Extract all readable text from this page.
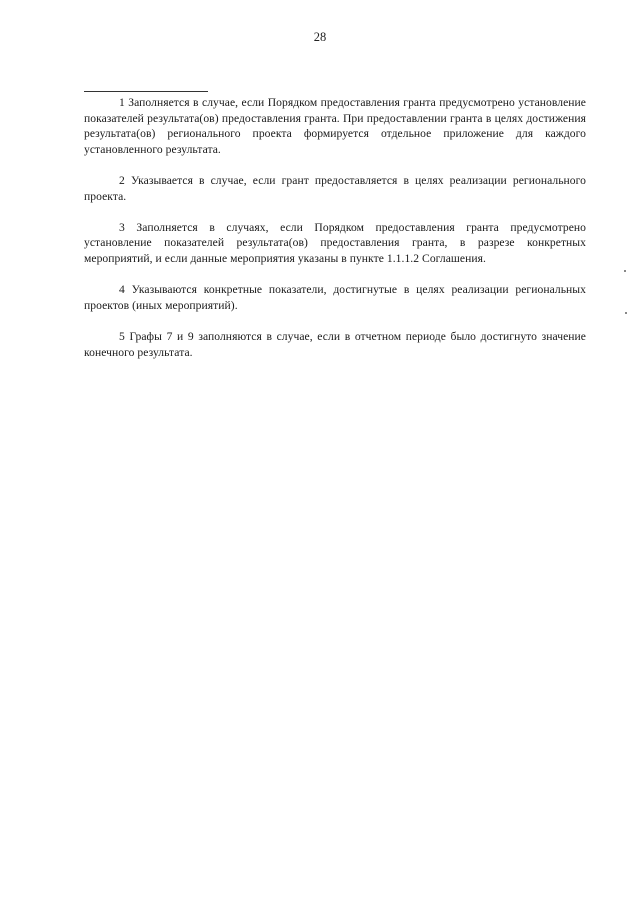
28

1 Заполняется в случае, если Порядком предоставления гранта предусмотрено установление показателей результата(ов) предоставления гранта. При предоставлении гранта в целях достижения результата(ов) регионального проекта формируется отдельное приложение для каждого установленного результата.

2 Указывается в случае, если грант предоставляется в целях реализации регионального проекта.

3 Заполняется в случаях, если Порядком предоставления гранта предусмотрено установление показателей результата(ов) предоставления гранта, в разрезе конкретных мероприятий, и если данные мероприятия указаны в пункте 1.1.1.2 Соглашения.

4 Указываются конкретные показатели, достигнутые в целях реализации региональных проектов (иных мероприятий).

5 Графы 7 и 9 заполняются в случае, если в отчетном периоде было достигнуто значение конечного результата.
